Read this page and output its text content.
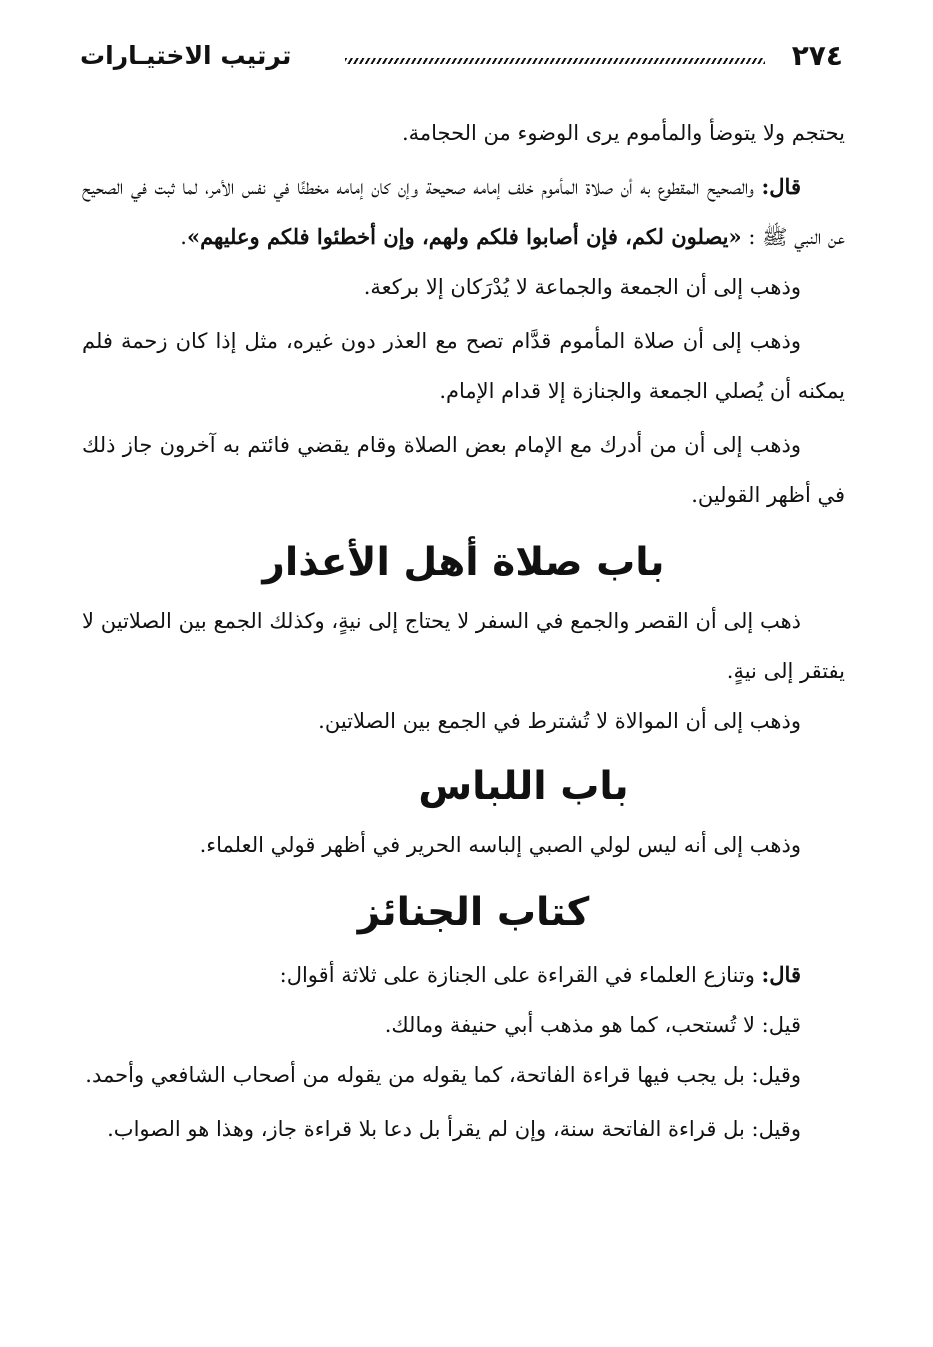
٢٧٤
ترتيب الاختيـارات

يحتجم ولا يتوضأ والمأموم يرى الوضوء من الحجامة.

قال: والصحيح المقطوع به أن صلاة المأموم خلف إمامه صحيحة وإن كان إمامه مخطئًا في نفس الأمر، لما ثبت في الصحيح عن النبي ﷺ : «يصلون لكم، فإن أصابوا فلكم ولهم، وإن أخطئوا فلكم وعليهم».

وذهب إلى أن الجمعة والجماعة لا يُدْرَكان إلا بركعة.

وذهب إلى أن صلاة المأموم قدَّام تصح مع العذر دون غيره، مثل إذا كان زحمة فلم يمكنه أن يُصلي الجمعة والجنازة إلا قدام الإمام.

وذهب إلى أن من أدرك مع الإمام بعض الصلاة وقام يقضي فائتم به آخرون جاز ذلك في أظهر القولين.

باب صلاة أهل الأعذار

ذهب إلى أن القصر والجمع في السفر لا يحتاج إلى نيةٍ، وكذلك الجمع بين الصلاتين لا يفتقر إلى نيةٍ.

وذهب إلى أن الموالاة لا تُشترط في الجمع بين الصلاتين.

باب اللباس

وذهب إلى أنه ليس لولي الصبي إلباسه الحرير في أظهر قولي العلماء.

كتاب الجنائز

قال: وتنازع العلماء في القراءة على الجنازة على ثلاثة أقوال:

قيل: لا تُستحب، كما هو مذهب أبي حنيفة ومالك.

وقيل: بل يجب فيها قراءة الفاتحة، كما يقوله من يقوله من أصحاب الشافعي وأحمد.

وقيل: بل قراءة الفاتحة سنة، وإن لم يقرأ بل دعا بلا قراءة جاز، وهذا هو الصواب.
